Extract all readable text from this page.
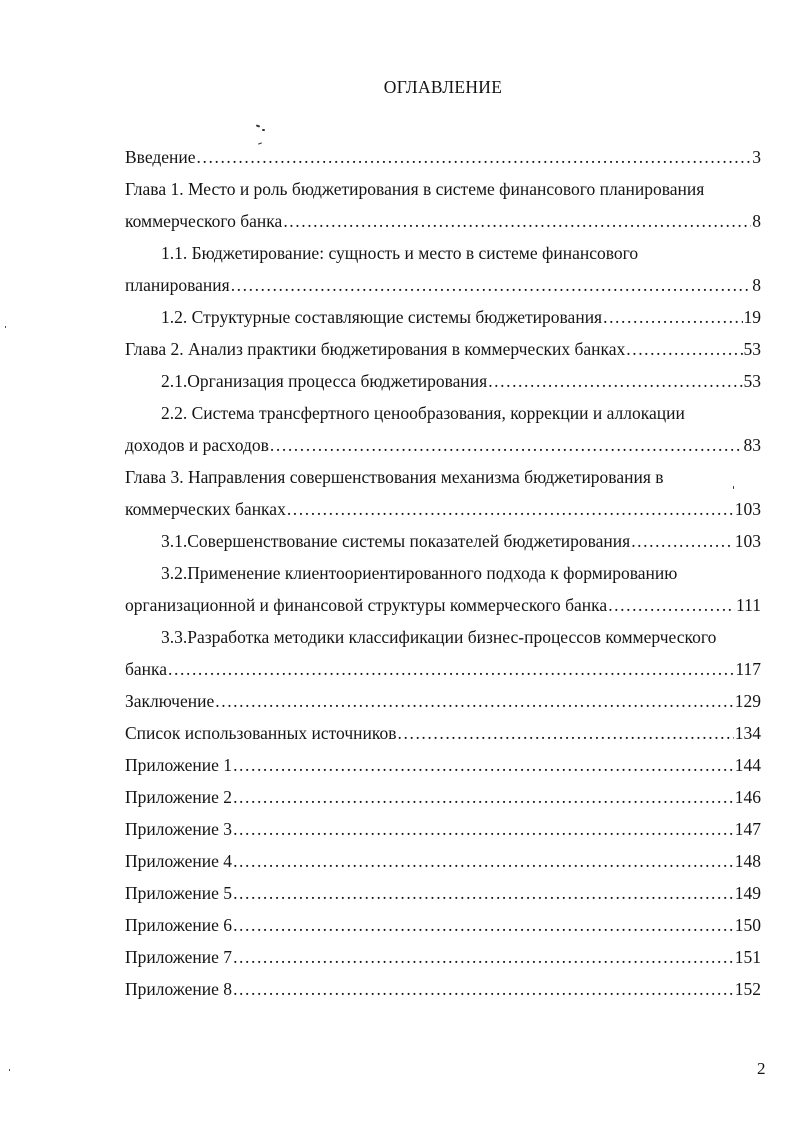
ОГЛАВЛЕНИЕ
Введение .....	3
Глава 1. Место и роль бюджетирования в системе финансового планирования
коммерческого банка .....	8
1.1. Бюджетирование: сущность и место в системе финансового
планирования .....	8
1.2. Структурные составляющие системы бюджетирования .....	19
Глава 2. Анализ практики бюджетирования в коммерческих банках .....	53
2.1.Организация процесса бюджетирования .....	53
2.2. Система трансфертного ценообразования, коррекции и аллокации
доходов и расходов .....	83
Глава 3. Направления совершенствования механизма бюджетирования в
коммерческих банках .....	103
3.1.Совершенствование системы показателей бюджетирования .....	103
3.2.Применение клиентоориентированного подхода к формированию
организационной и финансовой структуры коммерческого банка .....	111
3.3.Разработка методики классификации бизнес-процессов коммерческого
банка .....	117
Заключение .....	129
Список использованных источников .....	134
Приложение 1 .....	144
Приложение 2 .....	146
Приложение 3 .....	147
Приложение 4 .....	148
Приложение 5 .....	149
Приложение 6 .....	150
Приложение 7 .....	151
Приложение 8 .....	152
2
